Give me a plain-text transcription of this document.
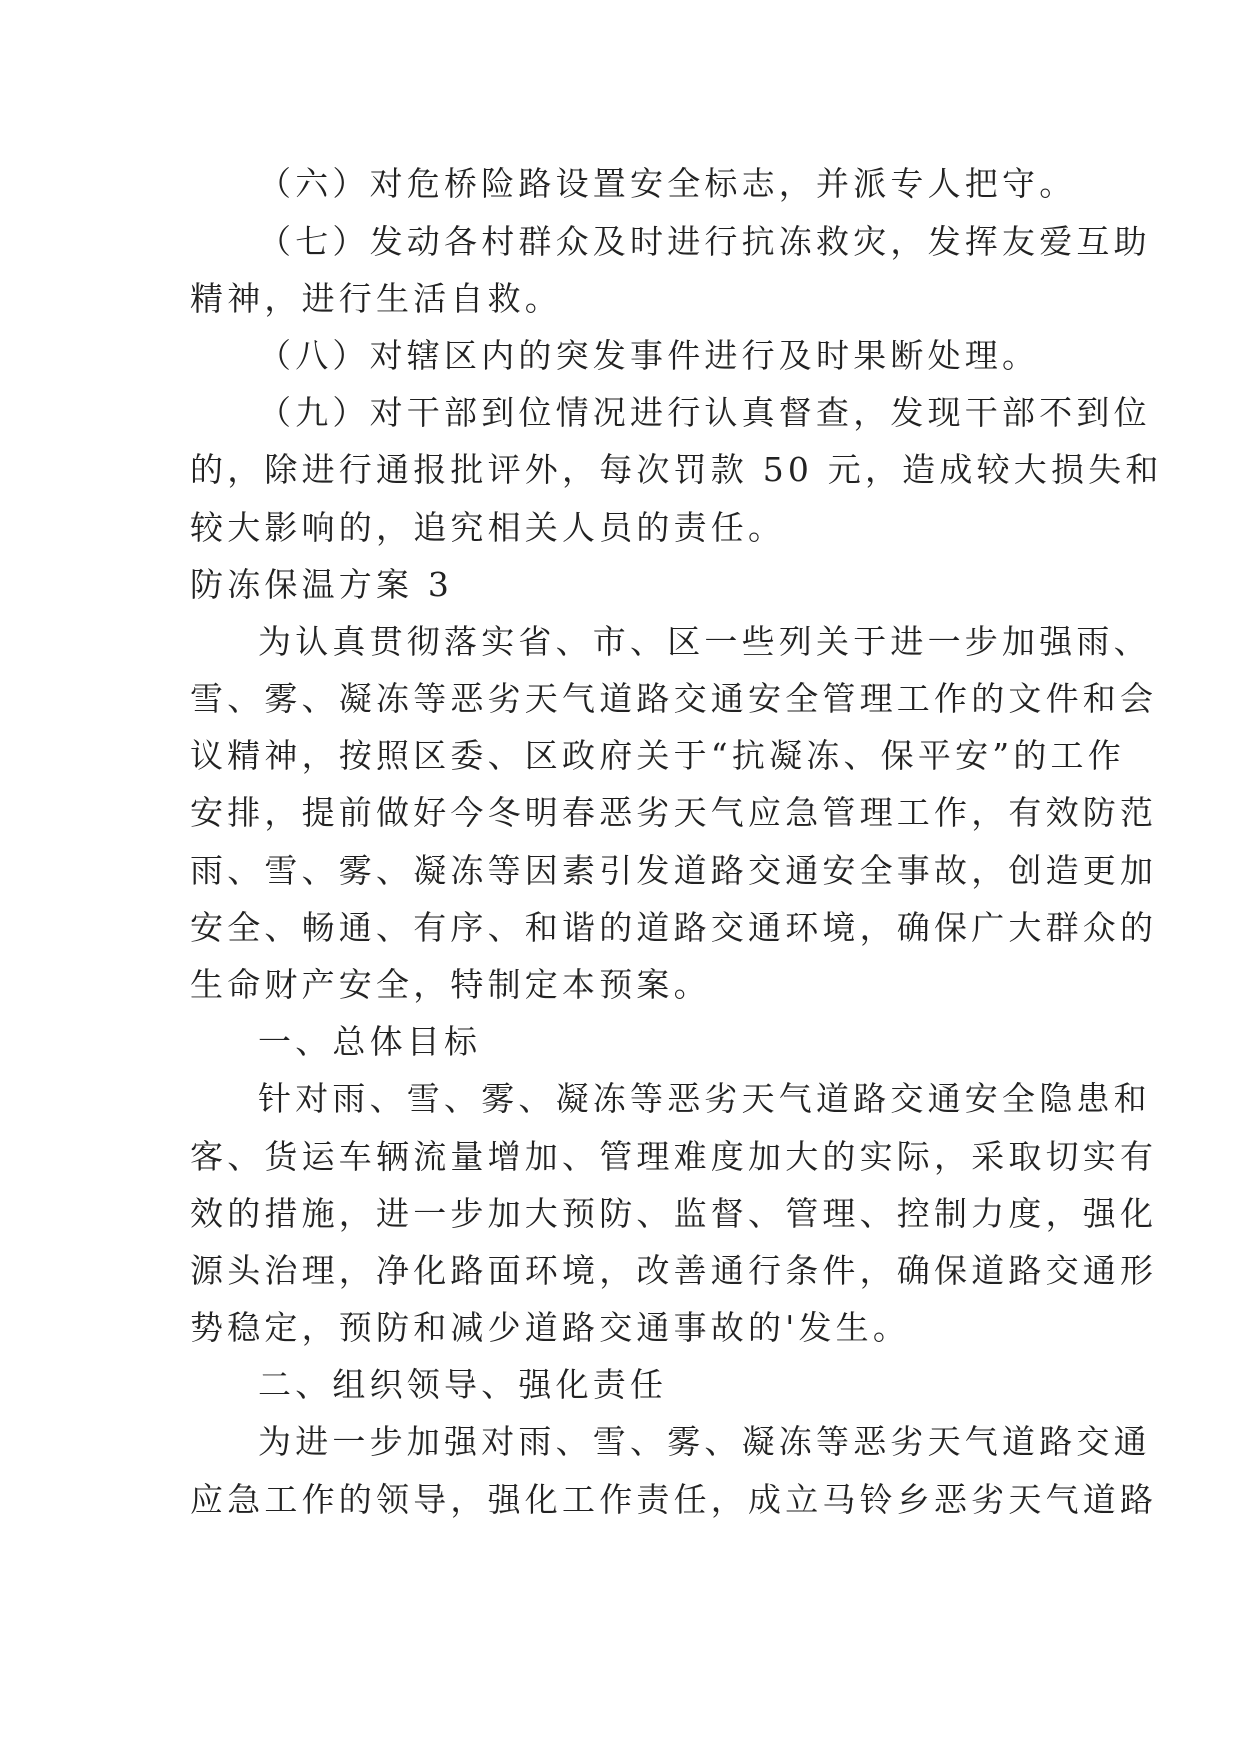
（六）对危桥险路设置安全标志，并派专人把守。
（七）发动各村群众及时进行抗冻救灾，发挥友爱互助
精神，进行生活自救。
（八）对辖区内的突发事件进行及时果断处理。
（九）对干部到位情况进行认真督查，发现干部不到位
的，除进行通报批评外，每次罚款 50 元，造成较大损失和
较大影响的，追究相关人员的责任。
防冻保温方案 3
为认真贯彻落实省、市、区一些列关于进一步加强雨、
雪、雾、凝冻等恶劣天气道路交通安全管理工作的文件和会
议精神，按照区委、区政府关于“抗凝冻、保平安”的工作
安排，提前做好今冬明春恶劣天气应急管理工作，有效防范
雨、雪、雾、凝冻等因素引发道路交通安全事故，创造更加
安全、畅通、有序、和谐的道路交通环境，确保广大群众的
生命财产安全，特制定本预案。
一、总体目标
针对雨、雪、雾、凝冻等恶劣天气道路交通安全隐患和
客、货运车辆流量增加、管理难度加大的实际，采取切实有
效的措施，进一步加大预防、监督、管理、控制力度，强化
源头治理，净化路面环境，改善通行条件，确保道路交通形
势稳定，预防和减少道路交通事故的'发生。
二、组织领导、强化责任
为进一步加强对雨、雪、雾、凝冻等恶劣天气道路交通
应急工作的领导，强化工作责任，成立马铃乡恶劣天气道路
